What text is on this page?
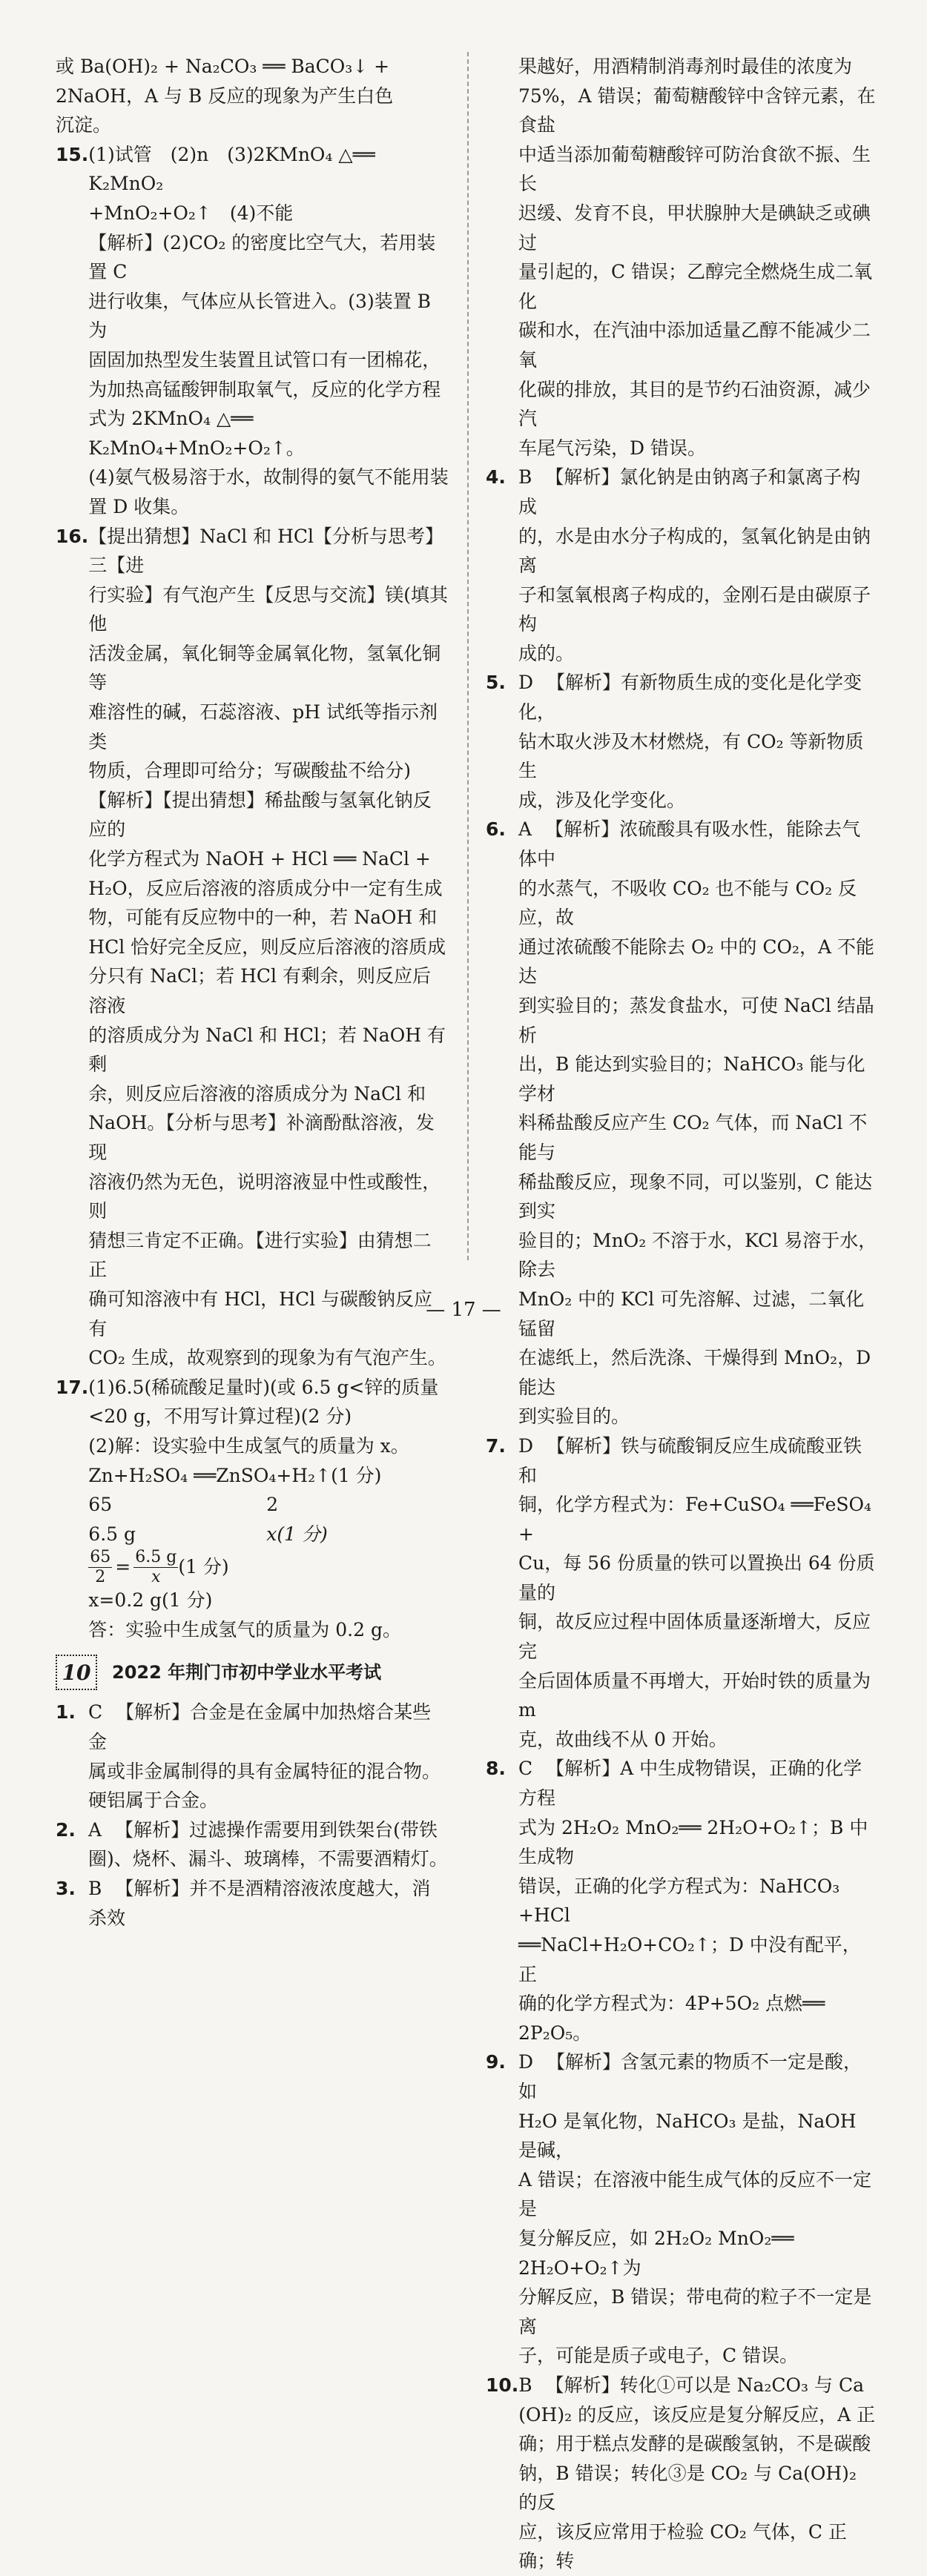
或 Ba(OH)₂ + Na₂CO₃ ══ BaCO₃↓ +

2NaOH，A 与 B 反应的现象为产生白色

沉淀。

15. (1)试管　(2)n　(3)2KMnO₄ △══ K₂MnO₂
+MnO₂+O₂↑　(4)不能
【解析】(2)CO₂ 的密度比空气大，若用装置 C
进行收集，气体应从长管进入。(3)装置 B 为
固固加热型发生装置且试管口有一团棉花，
为加热高锰酸钾制取氧气，反应的化学方程
式为 2KMnO₄ △══ K₂MnO₄+MnO₂+O₂↑。
(4)氨气极易溶于水，故制得的氨气不能用装
置 D 收集。
16. 【提出猜想】NaCl 和 HCl【分析与思考】三【进
行实验】有气泡产生【反思与交流】镁(填其他
活泼金属，氧化铜等金属氧化物，氢氧化铜等
难溶性的碱，石蕊溶液、pH 试纸等指示剂类
物质，合理即可给分；写碳酸盐不给分)
【解析】【提出猜想】稀盐酸与氢氧化钠反应的
化学方程式为 NaOH + HCl ══ NaCl +
H₂O，反应后溶液的溶质成分中一定有生成
物，可能有反应物中的一种，若 NaOH 和
HCl 恰好完全反应，则反应后溶液的溶质成
分只有 NaCl；若 HCl 有剩余，则反应后溶液
的溶质成分为 NaCl 和 HCl；若 NaOH 有剩
余，则反应后溶液的溶质成分为 NaCl 和
NaOH。【分析与思考】补滴酚酞溶液，发现
溶液仍然为无色，说明溶液显中性或酸性，则
猜想三肯定不正确。【进行实验】由猜想二正
确可知溶液中有 HCl，HCl 与碳酸钠反应有
CO₂ 生成，故观察到的现象为有气泡产生。
17. (1)6.5(稀硫酸足量时)(或 6.5 g<锌的质量
<20 g，不用写计算过程)(2 分)
(2)解：设实验中生成氢气的质量为 x。
Zn+H₂SO₄ ══ZnSO₄+H₂↑(1 分)
65	2
6.5 g	x(1 分)
$\frac{65}{2} = \frac{6.5 g}{x} (1$ 分)
x=0.2 g(1 分)
答：实验中生成氢气的质量为 0.2 g。
10	2022 年荆门市初中学业水平考试
1. C 【解析】合金是在金属中加热熔合某些金
属或非金属制得的具有金属特征的混合物。
硬铝属于合金。
2. A 【解析】过滤操作需要用到铁架台(带铁
圈)、烧杯、漏斗、玻璃棒，不需要酒精灯。
3. B 【解析】并不是酒精溶液浓度越大，消杀效
果越好，用酒精制消毒剂时最佳的浓度为
75%，A 错误；葡萄糖酸锌中含锌元素，在食盐
中适当添加葡萄糖酸锌可防治食欲不振、生长
迟缓、发育不良，甲状腺肿大是碘缺乏或碘过
量引起的，C 错误；乙醇完全燃烧生成二氧化
碳和水，在汽油中添加适量乙醇不能减少二氧
化碳的排放，其目的是节约石油资源，减少汽
车尾气污染，D 错误。
4. B 【解析】氯化钠是由钠离子和氯离子构成
的，水是由水分子构成的，氢氧化钠是由钠离
子和氢氧根离子构成的，金刚石是由碳原子构
成的。
5. D 【解析】有新物质生成的变化是化学变化，
钻木取火涉及木材燃烧，有 CO₂ 等新物质生
成，涉及化学变化。
6. A 【解析】浓硫酸具有吸水性，能除去气体中
的水蒸气，不吸收 CO₂ 也不能与 CO₂ 反应，故
通过浓硫酸不能除去 O₂ 中的 CO₂，A 不能达
到实验目的；蒸发食盐水，可使 NaCl 结晶析
出，B 能达到实验目的；NaHCO₃ 能与化学材
料稀盐酸反应产生 CO₂ 气体，而 NaCl 不能与
稀盐酸反应，现象不同，可以鉴别，C 能达到实
验目的；MnO₂ 不溶于水，KCl 易溶于水，除去
MnO₂ 中的 KCl 可先溶解、过滤，二氧化锰留
在滤纸上，然后洗涤、干燥得到 MnO₂，D 能达
到实验目的。
7. D 【解析】铁与硫酸铜反应生成硫酸亚铁和
铜，化学方程式为：Fe+CuSO₄ ══FeSO₄ +
Cu，每 56 份质量的铁可以置换出 64 份质量的
铜，故反应过程中固体质量逐渐增大，反应完
全后固体质量不再增大，开始时铁的质量为 m
克，故曲线不从 0 开始。
8. C 【解析】A 中生成物错误，正确的化学方程
式为 2H₂O₂ MnO₂══ 2H₂O+O₂↑；B 中生成物
错误，正确的化学方程式为：NaHCO₃ +HCl
══NaCl+H₂O+CO₂↑；D 中没有配平，正
确的化学方程式为：4P+5O₂ 点燃══ 2P₂O₅。
9. D 【解析】含氢元素的物质不一定是酸，如
H₂O 是氧化物，NaHCO₃ 是盐，NaOH 是碱，
A 错误；在溶液中能生成气体的反应不一定是
复分解反应，如 2H₂O₂ MnO₂══ 2H₂O+O₂↑为
分解反应，B 错误；带电荷的粒子不一定是离
子，可能是质子或电子，C 错误。
10. B 【解析】转化①可以是 Na₂CO₃ 与 Ca
(OH)₂ 的反应，该反应是复分解反应，A 正
确；用于糕点发酵的是碳酸氢钠，不是碳酸
钠，B 错误；转化③是 CO₂ 与 Ca(OH)₂ 的反
应，该反应常用于检验 CO₂ 气体，C 正确；转
— 17 —
